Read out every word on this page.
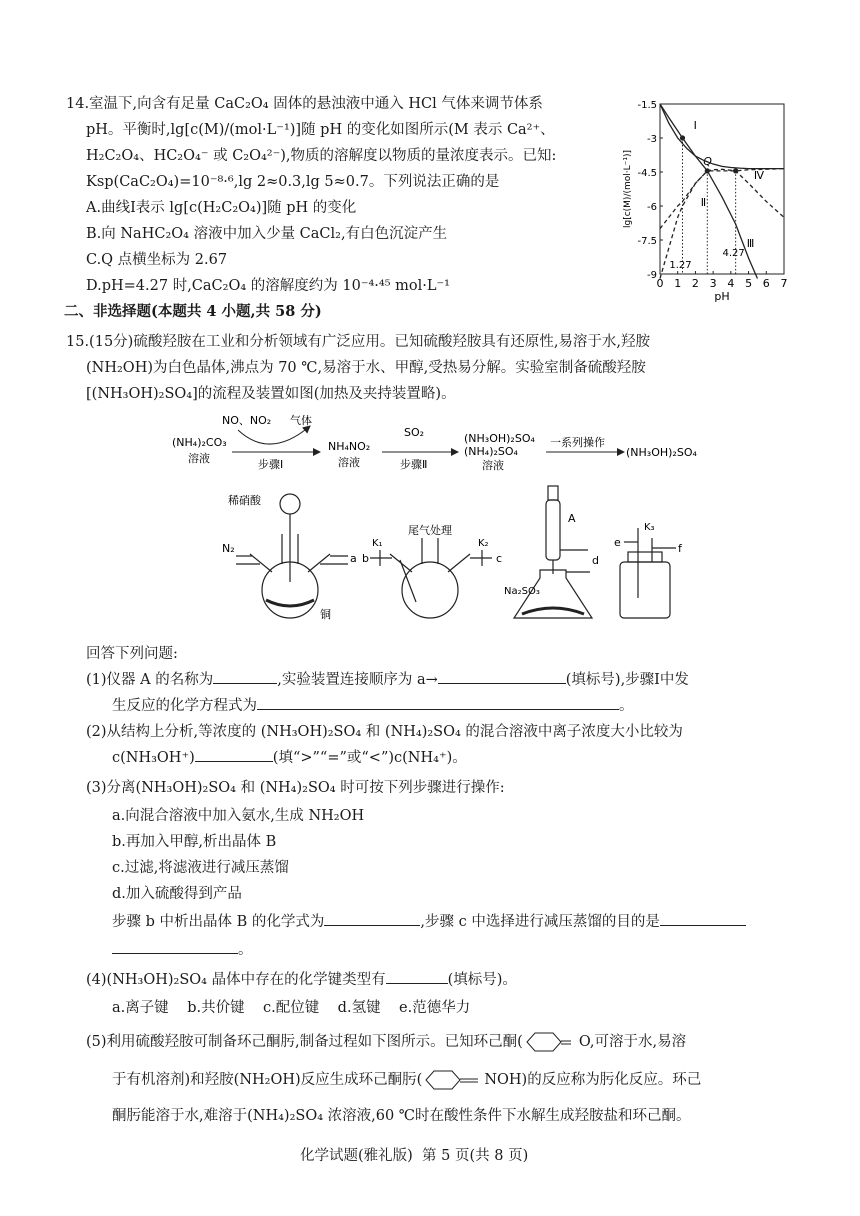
14.室温下,向含有足量 CaC₂O₄ 固体的悬浊液中通入 HCl 气体来调节体系
pH。平衡时,lg[c(M)/(mol·L⁻¹)]随 pH 的变化如图所示(M 表示 Ca²⁺、
H₂C₂O₄、HC₂O₄⁻ 或 C₂O₄²⁻),物质的溶解度以物质的量浓度表示。已知:
Ksp(CaC₂O₄)=10⁻⁸·⁶,lg 2≈0.3,lg 5≈0.7。下列说法正确的是
A.曲线Ⅰ表示 lg[c(H₂C₂O₄)]随 pH 的变化
B.向 NaHC₂O₄ 溶液中加入少量 CaCl₂,有白色沉淀产生
C.Q 点横坐标为 2.67
D.pH=4.27 时,CaC₂O₄ 的溶解度约为 10⁻⁴·⁴⁵ mol·L⁻¹	0 1 2 3 4 5 6 7
-1.5
-3
-4.5
-6
-7.5
-9
pH
lg[c(M)/(mol·L⁻¹)]
1.27
4.27
Q
Ⅰ
Ⅱ
Ⅲ
Ⅳ
二、非选择题(本题共 4 小题,共 58 分)
15.(15分)硫酸羟胺在工业和分析领域有广泛应用。已知硫酸羟胺具有还原性,易溶于水,羟胺
(NH₂OH)为白色晶体,沸点为 70 ℃,易溶于水、甲醇,受热易分解。实验室制备硫酸羟胺
[(NH₃OH)₂SO₄]的流程及装置如图(加热及夹持装置略)。
(NH₄)₂CO₃
溶液
NO、NO₂ 气体
步骤Ⅰ
NH₄NO₂
溶液
SO₂
步骤Ⅱ
(NH₃OH)₂SO₄
(NH₄)₂SO₄
溶液
一系列操作
(NH₃OH)₂SO₄
稀硝酸
N₂
a
铜
K₁
b
尾气处理
K₂
c
A
d
Na₂SO₃
e
K₃
f
回答下列问题:
(1)仪器 A 的名称为	,实验装置连接顺序为 a→	(填标号),步骤Ⅰ中发
生反应的化学方程式为	。
(2)从结构上分析,等浓度的 (NH₃OH)₂SO₄ 和 (NH₄)₂SO₄ 的混合溶液中离子浓度大小比较为
c(NH₃OH⁺)	(填“>”“=”或“<”)c(NH₄⁺)。
(3)分离(NH₃OH)₂SO₄ 和 (NH₄)₂SO₄ 时可按下列步骤进行操作:
a.向混合溶液中加入氨水,生成 NH₂OH
b.再加入甲醇,析出晶体 B
c.过滤,将滤液进行减压蒸馏
d.加入硫酸得到产品
步骤 b 中析出晶体 B 的化学式为	,步骤 c 中选择进行减压蒸馏的目的是
。
(4)(NH₃OH)₂SO₄ 晶体中存在的化学键类型有	(填标号)。
a.离子键    b.共价键    c.配位键    d.氢键    e.范德华力
(5)利用硫酸羟胺可制备环己酮肟,制备过程如下图所示。已知环己酮(	O,可溶于水,易溶
于有机溶剂)和羟胺(NH₂OH)反应生成环己酮肟(	NOH)的反应称为肟化反应。环己
酮肟能溶于水,难溶于(NH₄)₂SO₄ 浓溶液,60 ℃时在酸性条件下水解生成羟胺盐和环己酮。
化学试题(雅礼版)  第 5 页(共 8 页)
